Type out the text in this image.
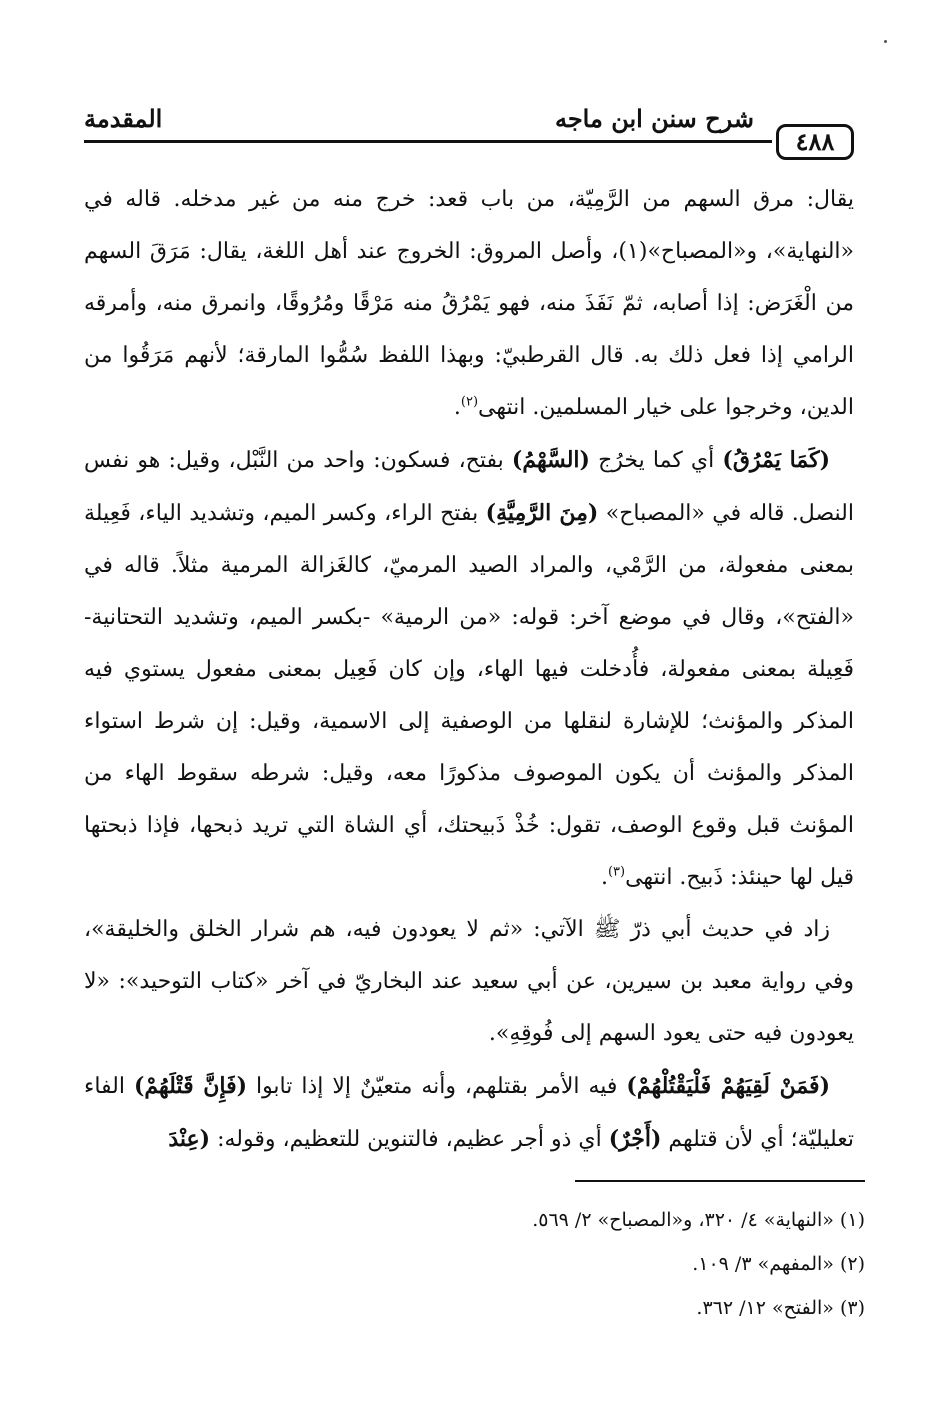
شرح سنن ابن ماجه
المقدمة
٤٨٨

يقال: مرق السهم من الرَّمِيّة، من باب قعد: خرج منه من غير مدخله. قاله في «النهاية»، و«المصباح»(١)، وأصل المروق: الخروج عند أهل اللغة، يقال: مَرَقَ السهم من الْغَرَض: إذا أصابه، ثمّ نَفَذَ منه، فهو يَمْرُقُ منه مَرْقًا ومُرُوقًا، وانمرق منه، وأمرقه الرامي إذا فعل ذلك به. قال القرطبيّ: وبهذا اللفظ سُمُّوا المارقة؛ لأنهم مَرَقُوا من الدين، وخرجوا على خيار المسلمين. انتهى$^{(٢)}$.

(كَمَا يَمْرُقُ) أي كما يخرُج (السَّهْمُ) بفتح، فسكون: واحد من النَّبْل، وقيل: هو نفس النصل. قاله في «المصباح» (مِنَ الرَّمِيَّةِ) بفتح الراء، وكسر الميم، وتشديد الياء، فَعِيلة بمعنى مفعولة، من الرَّمْي، والمراد الصيد المرميّ، كالغَزالة المرمية مثلاً. قاله في «الفتح»، وقال في موضع آخر: قوله: «من الرمية» -بكسر الميم، وتشديد التحتانية- فَعِيلة بمعنى مفعولة، فأُدخلت فيها الهاء، وإن كان فَعِيل بمعنى مفعول يستوي فيه المذكر والمؤنث؛ للإشارة لنقلها من الوصفية إلى الاسمية، وقيل: إن شرط استواء المذكر والمؤنث أن يكون الموصوف مذكورًا معه، وقيل: شرطه سقوط الهاء من المؤنث قبل وقوع الوصف، تقول: خُذْ ذَبيحتك، أي الشاة التي تريد ذبحها، فإذا ذبحتها قيل لها حينئذ: ذَبيح. انتهى$^{(٣)}$.

زاد في حديث أبي ذرّ ﷺ الآتي: «ثم لا يعودون فيه، هم شرار الخلق والخليقة»، وفي رواية معبد بن سيرين، عن أبي سعيد عند البخاريّ في آخر «كتاب التوحيد»: «لا يعودون فيه حتى يعود السهم إلى فُوقِهِ».

(فَمَنْ لَقِيَهُمْ فَلْيَقْتُلْهُمْ) فيه الأمر بقتلهم، وأنه متعيّنٌ إلا إذا تابوا (فَإِنَّ قَتْلَهُمْ) الفاء تعليليّة؛ أي لأن قتلهم (أَجْرٌ) أي ذو أجر عظيم، فالتنوين للتعظيم، وقوله: (عِنْدَ

(١) «النهاية» ٤/ ٣٢٠، و«المصباح» ٢/ ٥٦٩.

(٢) «المفهم» ٣/ ١٠٩.

(٣) «الفتح» ١٢/ ٣٦٢.
